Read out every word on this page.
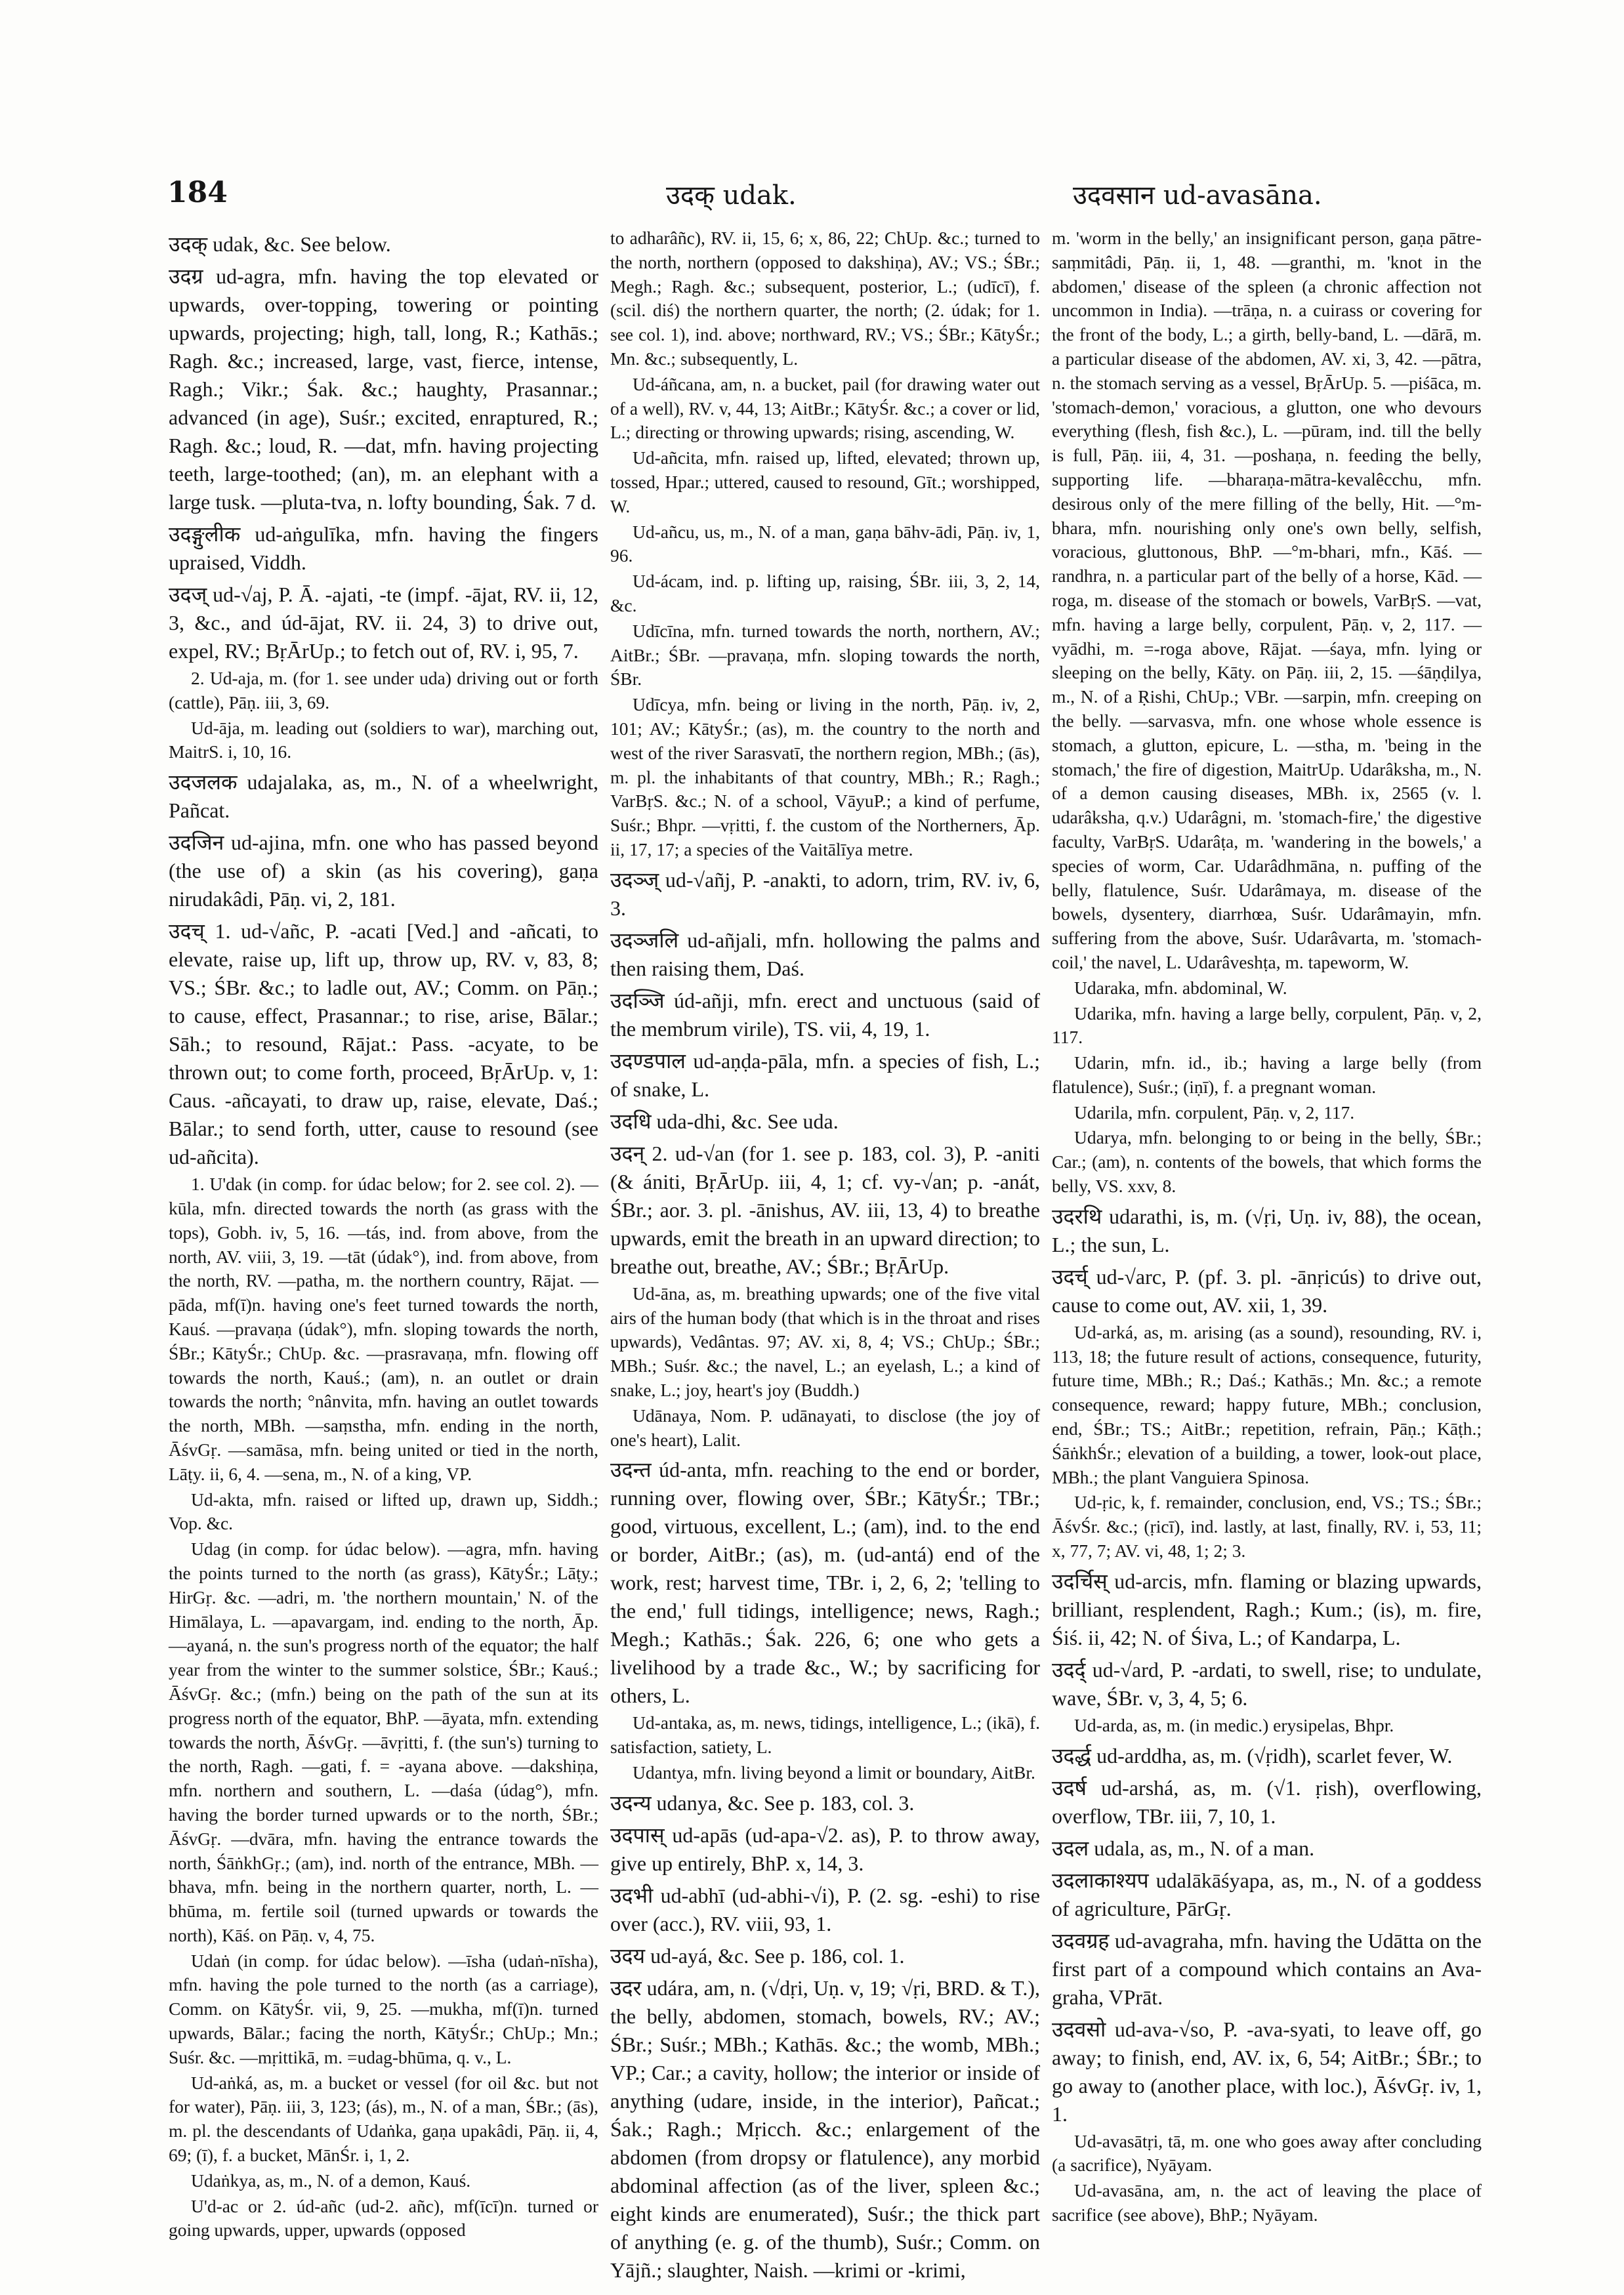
184	उदक् udak.	उदवसान ud-avasāna.

उदक् udak, &c. See below.

उदग्र ud-agra, mfn. having the top elevated or upwards, over-topping, towering or pointing upwards, projecting; high, tall, long, R.; Kathās.; Ragh. &c.; increased, large, vast, fierce, intense, Ragh.; Vikr.; Śak. &c.; haughty, Prasannar.; advanced (in age), Suśr.; excited, enraptured, R.; Ragh. &c.; loud, R. —dat, mfn. having projecting teeth, large-toothed; (an), m. an elephant with a large tusk. —pluta-tva, n. lofty bounding, Śak. 7 d.

उदङ्गुलीक ud-aṅgulīka, mfn. having the fingers upraised, Viddh.

उदज् ud-√aj, P. Ā. -ajati, -te (impf. -ājat, RV. ii, 12, 3, &c., and úd-ājat, RV. ii. 24, 3) to drive out, expel, RV.; BṛĀrUp.; to fetch out of, RV. i, 95, 7.

2. Ud-aja, m. (for 1. see under uda) driving out or forth (cattle), Pāṇ. iii, 3, 69.

Ud-āja, m. leading out (soldiers to war), marching out, MaitrS. i, 10, 16.

उदजलक udajalaka, as, m., N. of a wheelwright, Pañcat.

उदजिन ud-ajina, mfn. one who has passed beyond (the use of) a skin (as his covering), gaṇa nirudakâdi, Pāṇ. vi, 2, 181.

उदच् 1. ud-√añc, P. -acati [Ved.] and -añcati, to elevate, raise up, lift up, throw up, RV. v, 83, 8; VS.; ŚBr. &c.; to ladle out, AV.; Comm. on Pāṇ.; to cause, effect, Prasannar.; to rise, arise, Bālar.; Sāh.; to resound, Rājat.: Pass. -acyate, to be thrown out; to come forth, proceed, BṛĀrUp. v, 1: Caus. -añcayati, to draw up, raise, elevate, Daś.; Bālar.; to send forth, utter, cause to resound (see ud-añcita).

1. U'dak (in comp. for údac below; for 2. see col. 2). —kūla, mfn. directed towards the north (as grass with the tops), Gobh. iv, 5, 16. —tás, ind. from above, from the north, AV. viii, 3, 19. —tāt (údak°), ind. from above, from the north, RV. —patha, m. the northern country, Rājat. —pāda, mf(ī)n. having one's feet turned towards the north, Kauś. —pravaṇa (údak°), mfn. sloping towards the north, ŚBr.; KātyŚr.; ChUp. &c. —prasravaṇa, mfn. flowing off towards the north, Kauś.; (am), n. an outlet or drain towards the north; °nânvita, mfn. having an outlet towards the north, MBh. —saṃstha, mfn. ending in the north, ĀśvGṛ. —samāsa, mfn. being united or tied in the north, Lāṭy. ii, 6, 4. —sena, m., N. of a king, VP.

Ud-akta, mfn. raised or lifted up, drawn up, Siddh.; Vop. &c.

Udag (in comp. for údac below). —agra, mfn. having the points turned to the north (as grass), KātyŚr.; Lāṭy.; HirGṛ. &c. —adri, m. 'the northern mountain,' N. of the Himālaya, L. —apavargam, ind. ending to the north, Āp. —ayaná, n. the sun's progress north of the equator; the half year from the winter to the summer solstice, ŚBr.; Kauś.; ĀśvGṛ. &c.; (mfn.) being on the path of the sun at its progress north of the equator, BhP. —āyata, mfn. extending towards the north, ĀśvGṛ. —āvṛitti, f. (the sun's) turning to the north, Ragh. —gati, f. = -ayana above. —dakshiṇa, mfn. northern and southern, L. —daśa (údag°), mfn. having the border turned upwards or to the north, ŚBr.; ĀśvGṛ. —dvāra, mfn. having the entrance towards the north, ŚāṅkhGṛ.; (am), ind. north of the entrance, MBh. —bhava, mfn. being in the northern quarter, north, L. —bhūma, m. fertile soil (turned upwards or towards the north), Kāś. on Pāṇ. v, 4, 75.

Udaṅ (in comp. for údac below). —īsha (udaṅ-nīsha), mfn. having the pole turned to the north (as a carriage), Comm. on KātyŚr. vii, 9, 25. —mukha, mf(ī)n. turned upwards, Bālar.; facing the north, KātyŚr.; ChUp.; Mn.; Suśr. &c. —mṛittikā, m. =udag-bhūma, q. v., L.

Ud-aṅká, as, m. a bucket or vessel (for oil &c. but not for water), Pāṇ. iii, 3, 123; (ás), m., N. of a man, ŚBr.; (ās), m. pl. the descendants of Udaṅka, gaṇa upakâdi, Pāṇ. ii, 4, 69; (ī), f. a bucket, MānŚr. i, 1, 2.

Udaṅkya, as, m., N. of a demon, Kauś.

U'd-ac or 2. úd-añc (ud-2. añc), mf(īcī)n. turned or going upwards, upper, upwards (opposed

to adharâñc), RV. ii, 15, 6; x, 86, 22; ChUp. &c.; turned to the north, northern (opposed to dakshiṇa), AV.; VS.; ŚBr.; Megh.; Ragh. &c.; subsequent, posterior, L.; (udīcī), f. (scil. diś) the northern quarter, the north; (2. údak; for 1. see col. 1), ind. above; northward, RV.; VS.; ŚBr.; KātyŚr.; Mn. &c.; subsequently, L.

Ud-áñcana, am, n. a bucket, pail (for drawing water out of a well), RV. v, 44, 13; AitBr.; KātyŚr. &c.; a cover or lid, L.; directing or throwing upwards; rising, ascending, W.

Ud-añcita, mfn. raised up, lifted, elevated; thrown up, tossed, Hpar.; uttered, caused to resound, Gīt.; worshipped, W.

Ud-añcu, us, m., N. of a man, gaṇa bāhv-ādi, Pāṇ. iv, 1, 96.

Ud-ácam, ind. p. lifting up, raising, ŚBr. iii, 3, 2, 14, &c.

Udīcīna, mfn. turned towards the north, northern, AV.; AitBr.; ŚBr. —pravaṇa, mfn. sloping towards the north, ŚBr.

Udīcya, mfn. being or living in the north, Pāṇ. iv, 2, 101; AV.; KātyŚr.; (as), m. the country to the north and west of the river Sarasvatī, the northern region, MBh.; (ās), m. pl. the inhabitants of that country, MBh.; R.; Ragh.; VarBṛS. &c.; N. of a school, VāyuP.; a kind of perfume, Suśr.; Bhpr. —vṛitti, f. the custom of the Northerners, Āp. ii, 17, 17; a species of the Vaitālīya metre.

उदञ्ज् ud-√añj, P. -anakti, to adorn, trim, RV. iv, 6, 3.

उदञ्जलि ud-añjali, mfn. hollowing the palms and then raising them, Daś.

उदञ्जि úd-añji, mfn. erect and unctuous (said of the membrum virile), TS. vii, 4, 19, 1.

उदण्डपाल ud-aṇḍa-pāla, mfn. a species of fish, L.; of snake, L.

उदधि uda-dhi, &c. See uda.

उदन् 2. ud-√an (for 1. see p. 183, col. 3), P. -aniti (& ániti, BṛĀrUp. iii, 4, 1; cf. vy-√an; p. -anát, ŚBr.; aor. 3. pl. -ānishus, AV. iii, 13, 4) to breathe upwards, emit the breath in an upward direction; to breathe out, breathe, AV.; ŚBr.; BṛĀrUp.

Ud-āna, as, m. breathing upwards; one of the five vital airs of the human body (that which is in the throat and rises upwards), Vedântas. 97; AV. xi, 8, 4; VS.; ChUp.; ŚBr.; MBh.; Suśr. &c.; the navel, L.; an eyelash, L.; a kind of snake, L.; joy, heart's joy (Buddh.)

Udānaya, Nom. P. udānayati, to disclose (the joy of one's heart), Lalit.

उदन्त úd-anta, mfn. reaching to the end or border, running over, flowing over, ŚBr.; KātyŚr.; TBr.; good, virtuous, excellent, L.; (am), ind. to the end or border, AitBr.; (as), m. (ud-antá) end of the work, rest; harvest time, TBr. i, 2, 6, 2; 'telling to the end,' full tidings, intelligence; news, Ragh.; Megh.; Kathās.; Śak. 226, 6; one who gets a livelihood by a trade &c., W.; by sacrificing for others, L.

Ud-antaka, as, m. news, tidings, intelligence, L.; (ikā), f. satisfaction, satiety, L.

Udantya, mfn. living beyond a limit or boundary, AitBr.

उदन्य udanya, &c. See p. 183, col. 3.

उदपास् ud-apās (ud-apa-√2. as), P. to throw away, give up entirely, BhP. x, 14, 3.

उदभी ud-abhī (ud-abhi-√i), P. (2. sg. -eshi) to rise over (acc.), RV. viii, 93, 1.

उदय ud-ayá, &c. See p. 186, col. 1.

उदर udára, am, n. (√dṛi, Uṇ. v, 19; √ṛi, BRD. & T.), the belly, abdomen, stomach, bowels, RV.; AV.; ŚBr.; Suśr.; MBh.; Kathās. &c.; the womb, MBh.; VP.; Car.; a cavity, hollow; the interior or inside of anything (udare, inside, in the interior), Pañcat.; Śak.; Ragh.; Mṛicch. &c.; enlargement of the abdomen (from dropsy or flatulence), any morbid abdominal affection (as of the liver, spleen &c.; eight kinds are enumerated), Suśr.; the thick part of anything (e. g. of the thumb), Suśr.; Comm. on Yājñ.; slaughter, Naish. —krimi or -krimi,

m. 'worm in the belly,' an insignificant person, gaṇa pātre-saṃmitâdi, Pāṇ. ii, 1, 48. —granthi, m. 'knot in the abdomen,' disease of the spleen (a chronic affection not uncommon in India). —trāṇa, n. a cuirass or covering for the front of the body, L.; a girth, belly-band, L. —dārā, m. a particular disease of the abdomen, AV. xi, 3, 42. —pātra, n. the stomach serving as a vessel, BṛĀrUp. 5. —piśāca, m. 'stomach-demon,' voracious, a glutton, one who devours everything (flesh, fish &c.), L. —pūram, ind. till the belly is full, Pāṇ. iii, 4, 31. —poshaṇa, n. feeding the belly, supporting life. —bharaṇa-mātra-kevalêcchu, mfn. desirous only of the mere filling of the belly, Hit. —°m-bhara, mfn. nourishing only one's own belly, selfish, voracious, gluttonous, BhP. —°m-bhari, mfn., Kāś. —randhra, n. a particular part of the belly of a horse, Kād. —roga, m. disease of the stomach or bowels, VarBṛS. —vat, mfn. having a large belly, corpulent, Pāṇ. v, 2, 117. —vyādhi, m. =-roga above, Rājat. —śaya, mfn. lying or sleeping on the belly, Kāty. on Pāṇ. iii, 2, 15. —śāṇḍilya, m., N. of a Ṛishi, ChUp.; VBr. —sarpin, mfn. creeping on the belly. —sarvasva, mfn. one whose whole essence is stomach, a glutton, epicure, L. —stha, m. 'being in the stomach,' the fire of digestion, MaitrUp. Udarâksha, m., N. of a demon causing diseases, MBh. ix, 2565 (v. l. udarâksha, q.v.) Udarâgni, m. 'stomach-fire,' the digestive faculty, VarBṛS. Udarâṭa, m. 'wandering in the bowels,' a species of worm, Car. Udarâdhmāna, n. puffing of the belly, flatulence, Suśr. Udarâmaya, m. disease of the bowels, dysentery, diarrhœa, Suśr. Udarâmayin, mfn. suffering from the above, Suśr. Udarâvarta, m. 'stomach-coil,' the navel, L. Udarâveshṭa, m. tapeworm, W.

Udaraka, mfn. abdominal, W.

Udarika, mfn. having a large belly, corpulent, Pāṇ. v, 2, 117.

Udarin, mfn. id., ib.; having a large belly (from flatulence), Suśr.; (iṇī), f. a pregnant woman.

Udarila, mfn. corpulent, Pāṇ. v, 2, 117.

Udarya, mfn. belonging to or being in the belly, ŚBr.; Car.; (am), n. contents of the bowels, that which forms the belly, VS. xxv, 8.

उदरथि udarathi, is, m. (√ṛi, Uṇ. iv, 88), the ocean, L.; the sun, L.

उदर्च् ud-√arc, P. (pf. 3. pl. -ānṛicús) to drive out, cause to come out, AV. xii, 1, 39.

Ud-arká, as, m. arising (as a sound), resounding, RV. i, 113, 18; the future result of actions, consequence, futurity, future time, MBh.; R.; Daś.; Kathās.; Mn. &c.; a remote consequence, reward; happy future, MBh.; conclusion, end, ŚBr.; TS.; AitBr.; repetition, refrain, Pāṇ.; Kāṭh.; ŚāṅkhŚr.; elevation of a building, a tower, look-out place, MBh.; the plant Vanguiera Spinosa.

Ud-ṛic, k, f. remainder, conclusion, end, VS.; TS.; ŚBr.; ĀśvŚr. &c.; (ṛicī), ind. lastly, at last, finally, RV. i, 53, 11; x, 77, 7; AV. vi, 48, 1; 2; 3.

उदर्चिस् ud-arcis, mfn. flaming or blazing upwards, brilliant, resplendent, Ragh.; Kum.; (is), m. fire, Śiś. ii, 42; N. of Śiva, L.; of Kandarpa, L.

उदर्द् ud-√ard, P. -ardati, to swell, rise; to undulate, wave, ŚBr. v, 3, 4, 5; 6.

Ud-arda, as, m. (in medic.) erysipelas, Bhpr.

उदर्द्ध ud-arddha, as, m. (√ṛidh), scarlet fever, W.

उदर्ष ud-arshá, as, m. (√1. ṛish), overflowing, overflow, TBr. iii, 7, 10, 1.

उदल udala, as, m., N. of a man.

उदलाकाश्यप udalākāśyapa, as, m., N. of a goddess of agriculture, PārGṛ.

उदवग्रह ud-avagraha, mfn. having the Udātta on the first part of a compound which contains an Ava-graha, VPrāt.

उदवसो ud-ava-√so, P. -ava-syati, to leave off, go away; to finish, end, AV. ix, 6, 54; AitBr.; ŚBr.; to go away to (another place, with loc.), ĀśvGṛ. iv, 1, 1.

Ud-avasātṛi, tā, m. one who goes away after concluding (a sacrifice), Nyāyam.

Ud-avasāna, am, n. the act of leaving the place of sacrifice (see above), BhP.; Nyāyam.
